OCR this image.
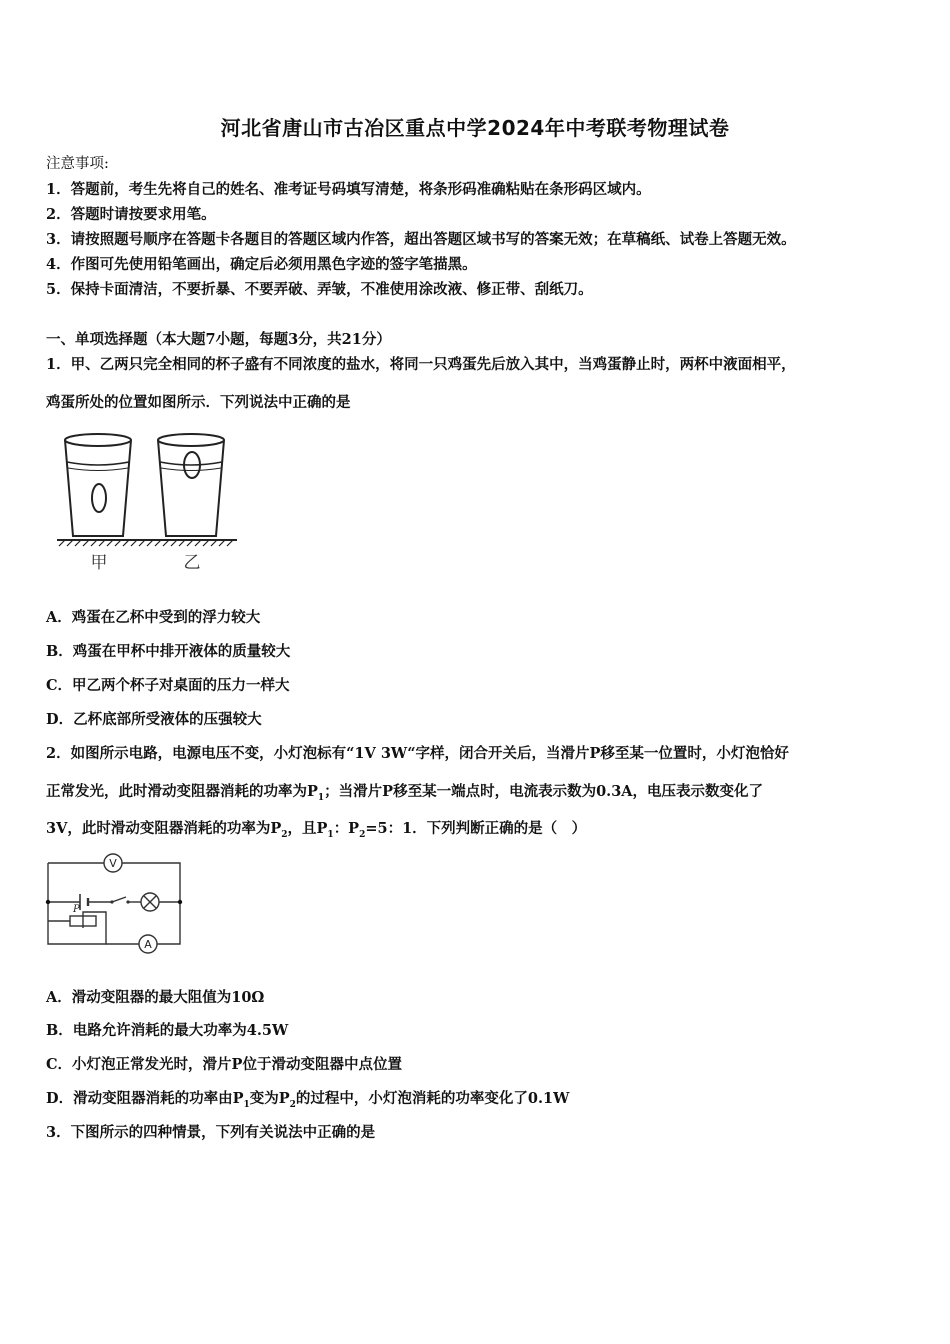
河北省唐山市古冶区重点中学2024年中考联考物理试卷
注意事项:
1．答题前，考生先将自己的姓名、准考证号码填写清楚，将条形码准确粘贴在条形码区域内。
2．答题时请按要求用笔。
3．请按照题号顺序在答题卡各题目的答题区域内作答，超出答题区域书写的答案无效；在草稿纸、试卷上答题无效。
4．作图可先使用铅笔画出，确定后必须用黑色字迹的签字笔描黑。
5．保持卡面清洁，不要折暴、不要弄破、弄皱，不准使用涂改液、修正带、刮纸刀。
一、单项选择题（本大题7小题，每题3分，共21分）
1．甲、乙两只完全相同的杯子盛有不同浓度的盐水，将同一只鸡蛋先后放入其中，当鸡蛋静止时，两杯中液面相平，
鸡蛋所处的位置如图所示．下列说法中正确的是
甲	乙
A．鸡蛋在乙杯中受到的浮力较大
B．鸡蛋在甲杯中排开液体的质量较大
C．甲乙两个杯子对桌面的压力一样大
D．乙杯底部所受液体的压强较大
2．如图所示电路，电源电压不变，小灯泡标有“1V 3W“字样，闭合开关后，当滑片P移至某一位置时，小灯泡恰好
正常发光，此时滑动变阻器消耗的功率为$P_1$；当滑片P移至某一端点时，电流表示数为0.3A，电压表示数变化了
3V，此时滑动变阻器消耗的功率为$P_2$，且$P_1$：$P_2=5$：1．下列判断正确的是（　）
V
A
P
A．滑动变阻器的最大阻值为10Ω
B．电路允许消耗的最大功率为4.5W
C．小灯泡正常发光时，滑片P位于滑动变阻器中点位置
D．滑动变阻器消耗的功率由$P_1$变为$P_2$的过程中，小灯泡消耗的功率变化了0.1W
3．下图所示的四种情景，下列有关说法中正确的是
